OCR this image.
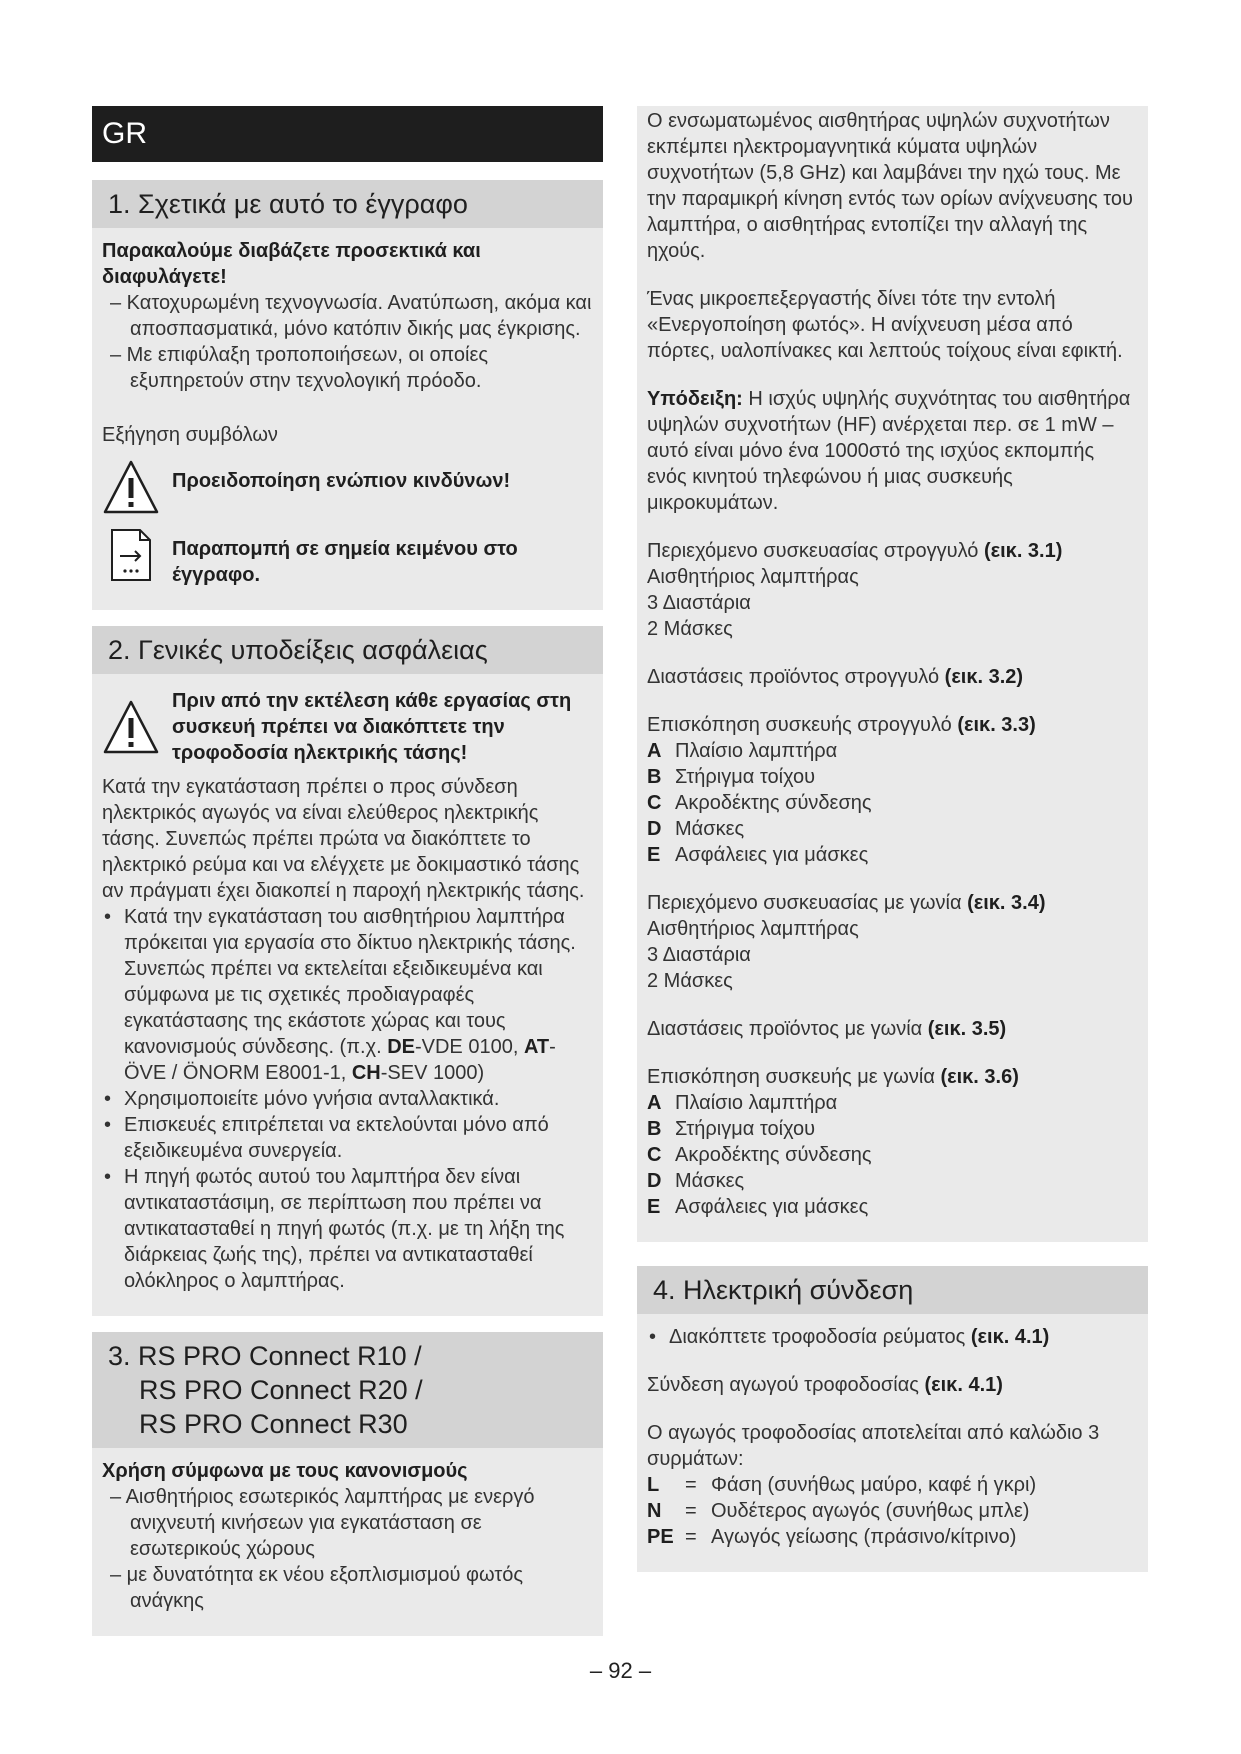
GR
1. Σχετικά με αυτό το έγγραφο

Παρακαλούμε διαβάζετε προσεκτικά και διαφυλάγετε!

– Κατοχυρωμένη τεχνογνωσία. Ανατύπωση, ακόμα και αποσπασματικά, μόνο κατόπιν δικής μας έγκρισης.
– Με επιφύλαξη τροποποιήσεων, οι οποίες εξυπηρετούν στην τεχνολογική πρόοδο.

Εξήγηση συμβόλων

Προειδοποίηση ενώπιον κινδύνων!
Παραπομπή σε σημεία κειμένου στο έγγραφο.
2. Γενικές υποδείξεις ασφάλειας
Πριν από την εκτέλεση κάθε εργασίας στη συσκευή πρέπει να διακόπτετε την τροφοδοσία ηλεκτρικής τάσης!

Κατά την εγκατάσταση πρέπει ο προς σύνδεση ηλεκτρικός αγωγός να είναι ελεύθερος ηλεκτρικής τάσης. Συνεπώς πρέπει πρώτα να διακόπτετε το ηλεκτρικό ρεύμα και να ελέγχετε με δοκιμαστικό τάσης αν πράγματι έχει διακοπεί η παροχή ηλεκτρικής τάσης.

• Κατά την εγκατάσταση του αισθητήριου λαμπτήρα πρόκειται για εργασία στο δίκτυο ηλεκτρικής τάσης. Συνεπώς πρέπει να εκτελείται εξειδικευμένα και σύμφωνα με τις σχετικές προδιαγραφές εγκατάστασης της εκάστοτε χώρας και τους κανονισμούς σύνδεσης. (π.χ. DE-VDE 0100, AT-ÖVE / ÖNORM E8001-1, CH-SEV 1000)
• Χρησιμοποιείτε μόνο γνήσια ανταλλακτικά.
• Επισκευές επιτρέπεται να εκτελούνται μόνο από εξειδικευμένα συνεργεία.
• Η πηγή φωτός αυτού του λαμπτήρα δεν είναι αντικαταστάσιμη, σε περίπτωση που πρέπει να αντικατασταθεί η πηγή φωτός (π.χ. με τη λήξη της διάρκειας ζωής της), πρέπει να αντικατασταθεί ολόκληρος ο λαμπτήρας.
3. RS PRO Connect R10 /
RS PRO Connect R20 /
RS PRO Connect R30

Χρήση σύμφωνα με τους κανονισμούς

– Αισθητήριος εσωτερικός λαμπτήρας με ενεργό ανιχνευτή κινήσεων για εγκατάσταση σε εσωτερικούς χώρους
– με δυνατότητα εκ νέου εξοπλισμισμού φωτός ανάγκης

Ο ενσωματωμένος αισθητήρας υψηλών συχνοτήτων εκπέμπει ηλεκτρομαγνητικά κύματα υψηλών συχνοτήτων (5,8 GHz) και λαμβάνει την ηχώ τους. Με την παραμικρή κίνηση εντός των ορίων ανίχνευσης του λαμπτήρα, ο αισθητήρας εντοπίζει την αλλαγή της ηχούς.

Ένας μικροεπεξεργαστής δίνει τότε την εντολή «Ενεργοποίηση φωτός». Η ανίχνευση μέσα από πόρτες, υαλοπίνακες και λεπτούς τοίχους είναι εφικτή.

Υπόδειξη: Η ισχύς υψηλής συχνότητας του αισθητήρα υψηλών συχνοτήτων (HF) ανέρχεται περ. σε 1 mW – αυτό είναι μόνο ένα 1000στό της ισχύος εκπομπής ενός κινητού τηλεφώνου ή μιας συσκευής μικροκυμάτων.

Περιεχόμενο συσκευασίας στρογγυλό (εικ. 3.1)

Αισθητήριος λαμπτήρας

3 Διαστάρια

2 Μάσκες

Διαστάσεις προϊόντος στρογγυλό (εικ. 3.2)

Επισκόπηση συσκευής στρογγυλό (εικ. 3.3)

A Πλαίσιο λαμπτήρα
B Στήριγμα τοίχου
C Ακροδέκτης σύνδεσης
D Μάσκες
E Ασφάλειες για μάσκες

Περιεχόμενο συσκευασίας με γωνία (εικ. 3.4)

Αισθητήριος λαμπτήρας

3 Διαστάρια

2 Μάσκες

Διαστάσεις προϊόντος με γωνία (εικ. 3.5)

Επισκόπηση συσκευής με γωνία (εικ. 3.6)

A Πλαίσιο λαμπτήρα
B Στήριγμα τοίχου
C Ακροδέκτης σύνδεσης
D Μάσκες
E Ασφάλειες για μάσκες
4. Ηλεκτρική σύνδεση
• Διακόπτετε τροφοδοσία ρεύματος (εικ. 4.1)

Σύνδεση αγωγού τροφοδοσίας (εικ. 4.1)

Ο αγωγός τροφοδοσίας αποτελείται από καλώδιο 3 συρμάτων:

L	= Φάση (συνήθως μαύρο, καφέ ή γκρι)
N	= Ουδέτερος αγωγός (συνήθως μπλε)
PE = Αγωγός γείωσης (πράσινο/κίτρινο)
– 92 –
